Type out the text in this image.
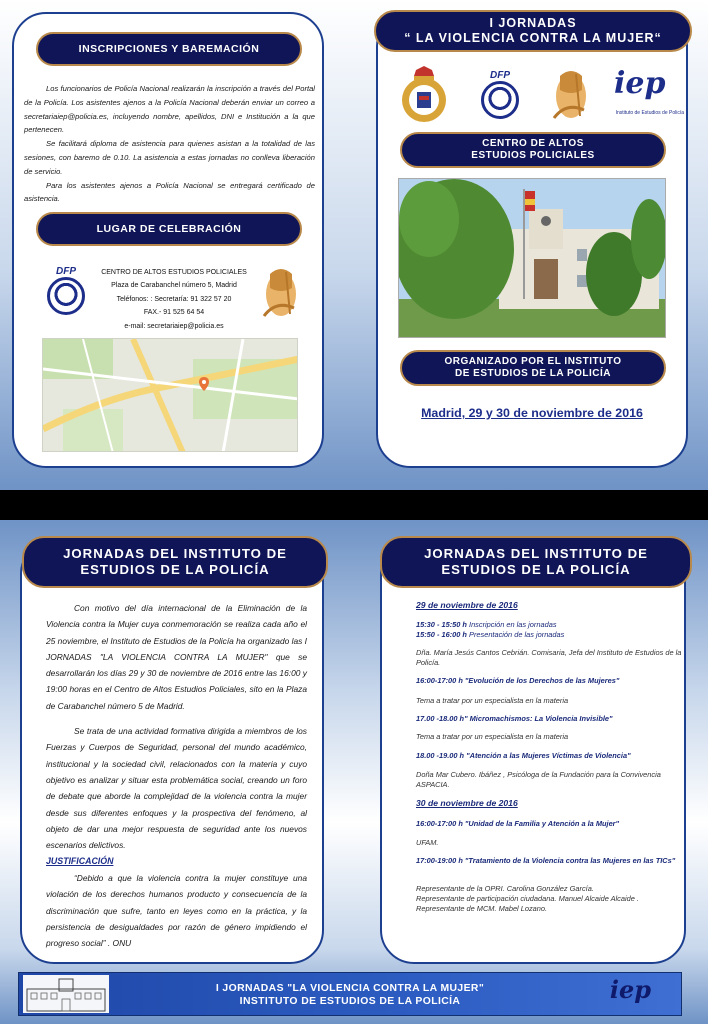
INSCRIPCIONES Y BAREMACIÓN

Los funcionarios de Policía Nacional realizarán la inscripción a través del Portal de la Policía. Los asistentes ajenos a la Policía Nacional deberán enviar un correo a secretariaiep@policia.es, incluyendo nombre, apellidos, DNI e Institución a la que pertenecen.

Se facilitará diploma de asistencia para quienes asistan a la totalidad de las sesiones, con baremo de 0.10. La asistencia a estas jornadas no conlleva liberación de servicio.

Para los asistentes ajenos a Policía Nacional se entregará certificado de asistencia.

LUGAR DE CELEBRACIÓN
DFP	CENTRO DE ALTOS ESTUDIOS POLICIALES
Plaza de Carabanchel número 5, Madrid
Teléfonos: : Secretaría: 91 322 57 20
FAX.- 91 525 64 54
e-mail: secretariaiep@policia.es
I JORNADAS
“ LA VIOLENCIA CONTRA LA MUJER“
DFP	iep
Instituto de Estudios de Policía
CENTRO DE ALTOS
ESTUDIOS POLICIALES
ORGANIZADO POR EL INSTITUTO
DE ESTUDIOS DE LA POLICÍA
Madrid, 29 y 30 de noviembre de 2016
JORNADAS DEL INSTITUTO DE
ESTUDIOS DE LA POLICÍA

Con motivo del día internacional de la Eliminación de la Violencia contra la Mujer cuya conmemoración se realiza cada año el 25 noviembre, el Instituto de Estudios de la Policía ha organizado las I JORNADAS "LA VIOLENCIA CONTRA LA MUJER" que se desarrollarán los días 29 y 30 de noviembre de 2016 entre las 16:00 y 19:00 horas en el Centro de Altos Estudios Policiales, sito en la Plaza de Carabanchel número 5 de Madrid.

Se trata de una actividad formativa dirigida a miembros de los Fuerzas y Cuerpos de Seguridad, personal del mundo académico, institucional y la sociedad civil, relacionados con la materia y cuyo objetivo es analizar y situar esta problemática social, creando un foro de debate que aborde la complejidad de la violencia contra la mujer desde sus diferentes enfoques y la prospectiva del fenómeno, al objeto de dar una mejor respuesta de seguridad ante los nuevos escenarios delictivos.

JUSTIFICACIÓN

“Debido a que la violencia contra la mujer constituye una violación de los derechos humanos producto y consecuencia de la discriminación que sufre, tanto en leyes como en la práctica, y la persistencia de desigualdades por razón de género impidiendo el progreso social” . ONU

JORNADAS DEL INSTITUTO DE
ESTUDIOS DE LA POLICÍA
29 de noviembre de 2016
15:30 - 15:50 h Inscripción en las jornadas
15:50 - 16:00 h Presentación de las jornadas
Dña. María Jesús Cantos Cebrián. Comisaria, Jefa del Instituto de Estudios de la Policía.
16:00-17:00 h "Evolución de los Derechos de las Mujeres"
Tema a tratar por un especialista en la materia
17.00 -18.00 h" Micromachismos: La Violencia Invisible"
Tema a tratar por un especialista en la materia
18.00 -19.00 h "Atención a las Mujeres Víctimas de Violencia"
Doña Mar Cubero. Ibáñez , Psicóloga de la Fundación para la Convivencia ASPACIA.
30 de noviembre de 2016
16:00-17:00 h "Unidad de la Familia y Atención a la Mujer"
UFAM.
17:00-19:00 h "Tratamiento de la Violencia contra las Mujeres en las TICs"
Representante de la OPRI. Carolina González García.
Representante de participación ciudadana. Manuel Alcaide Alcaide .
Representante de MCM. Mabel Lozano.
I JORNADAS "LA VIOLENCIA CONTRA LA MUJER"
INSTITUTO DE ESTUDIOS DE LA POLICÍA	iep
